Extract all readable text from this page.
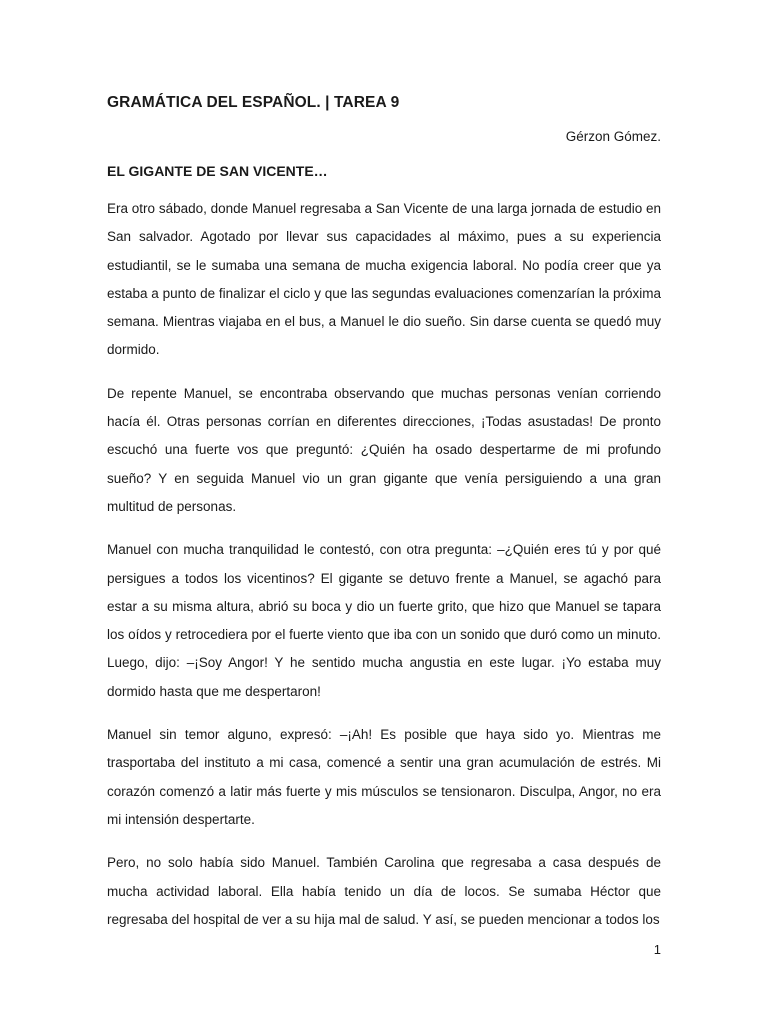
GRAMÁTICA DEL ESPAÑOL. | TAREA 9

Gérzon Gómez.

EL GIGANTE DE SAN VICENTE…

Era otro sábado, donde Manuel regresaba a San Vicente de una larga jornada de estudio en San salvador. Agotado por llevar sus capacidades al máximo, pues a su experiencia estudiantil, se le sumaba una semana de mucha exigencia laboral. No podía creer que ya estaba a punto de finalizar el ciclo y que las segundas evaluaciones comenzarían la próxima semana. Mientras viajaba en el bus, a Manuel le dio sueño. Sin darse cuenta se quedó muy dormido.

De repente Manuel, se encontraba observando que muchas personas venían corriendo hacía él. Otras personas corrían en diferentes direcciones, ¡Todas asustadas! De pronto escuchó una fuerte vos que preguntó: ¿Quién ha osado despertarme de mi profundo sueño? Y en seguida Manuel vio un gran gigante que venía persiguiendo a una gran multitud de personas.

Manuel con mucha tranquilidad le contestó, con otra pregunta: –¿Quién eres tú y por qué persigues a todos los vicentinos? El gigante se detuvo frente a Manuel, se agachó para estar a su misma altura, abrió su boca y dio un fuerte grito, que hizo que Manuel se tapara los oídos y retrocediera por el fuerte viento que iba con un sonido que duró como un minuto. Luego, dijo: –¡Soy Angor! Y he sentido mucha angustia en este lugar. ¡Yo estaba muy dormido hasta que me despertaron!

Manuel sin temor alguno, expresó: –¡Ah! Es posible que haya sido yo. Mientras me trasportaba del instituto a mi casa, comencé a sentir una gran acumulación de estrés. Mi corazón comenzó a latir más fuerte y mis músculos se tensionaron. Disculpa, Angor, no era mi intensión despertarte.

Pero, no solo había sido Manuel. También Carolina que regresaba a casa después de mucha actividad laboral. Ella había tenido un día de locos. Se sumaba Héctor que regresaba del hospital de ver a su hija mal de salud. Y así, se pueden mencionar a todos los

1
